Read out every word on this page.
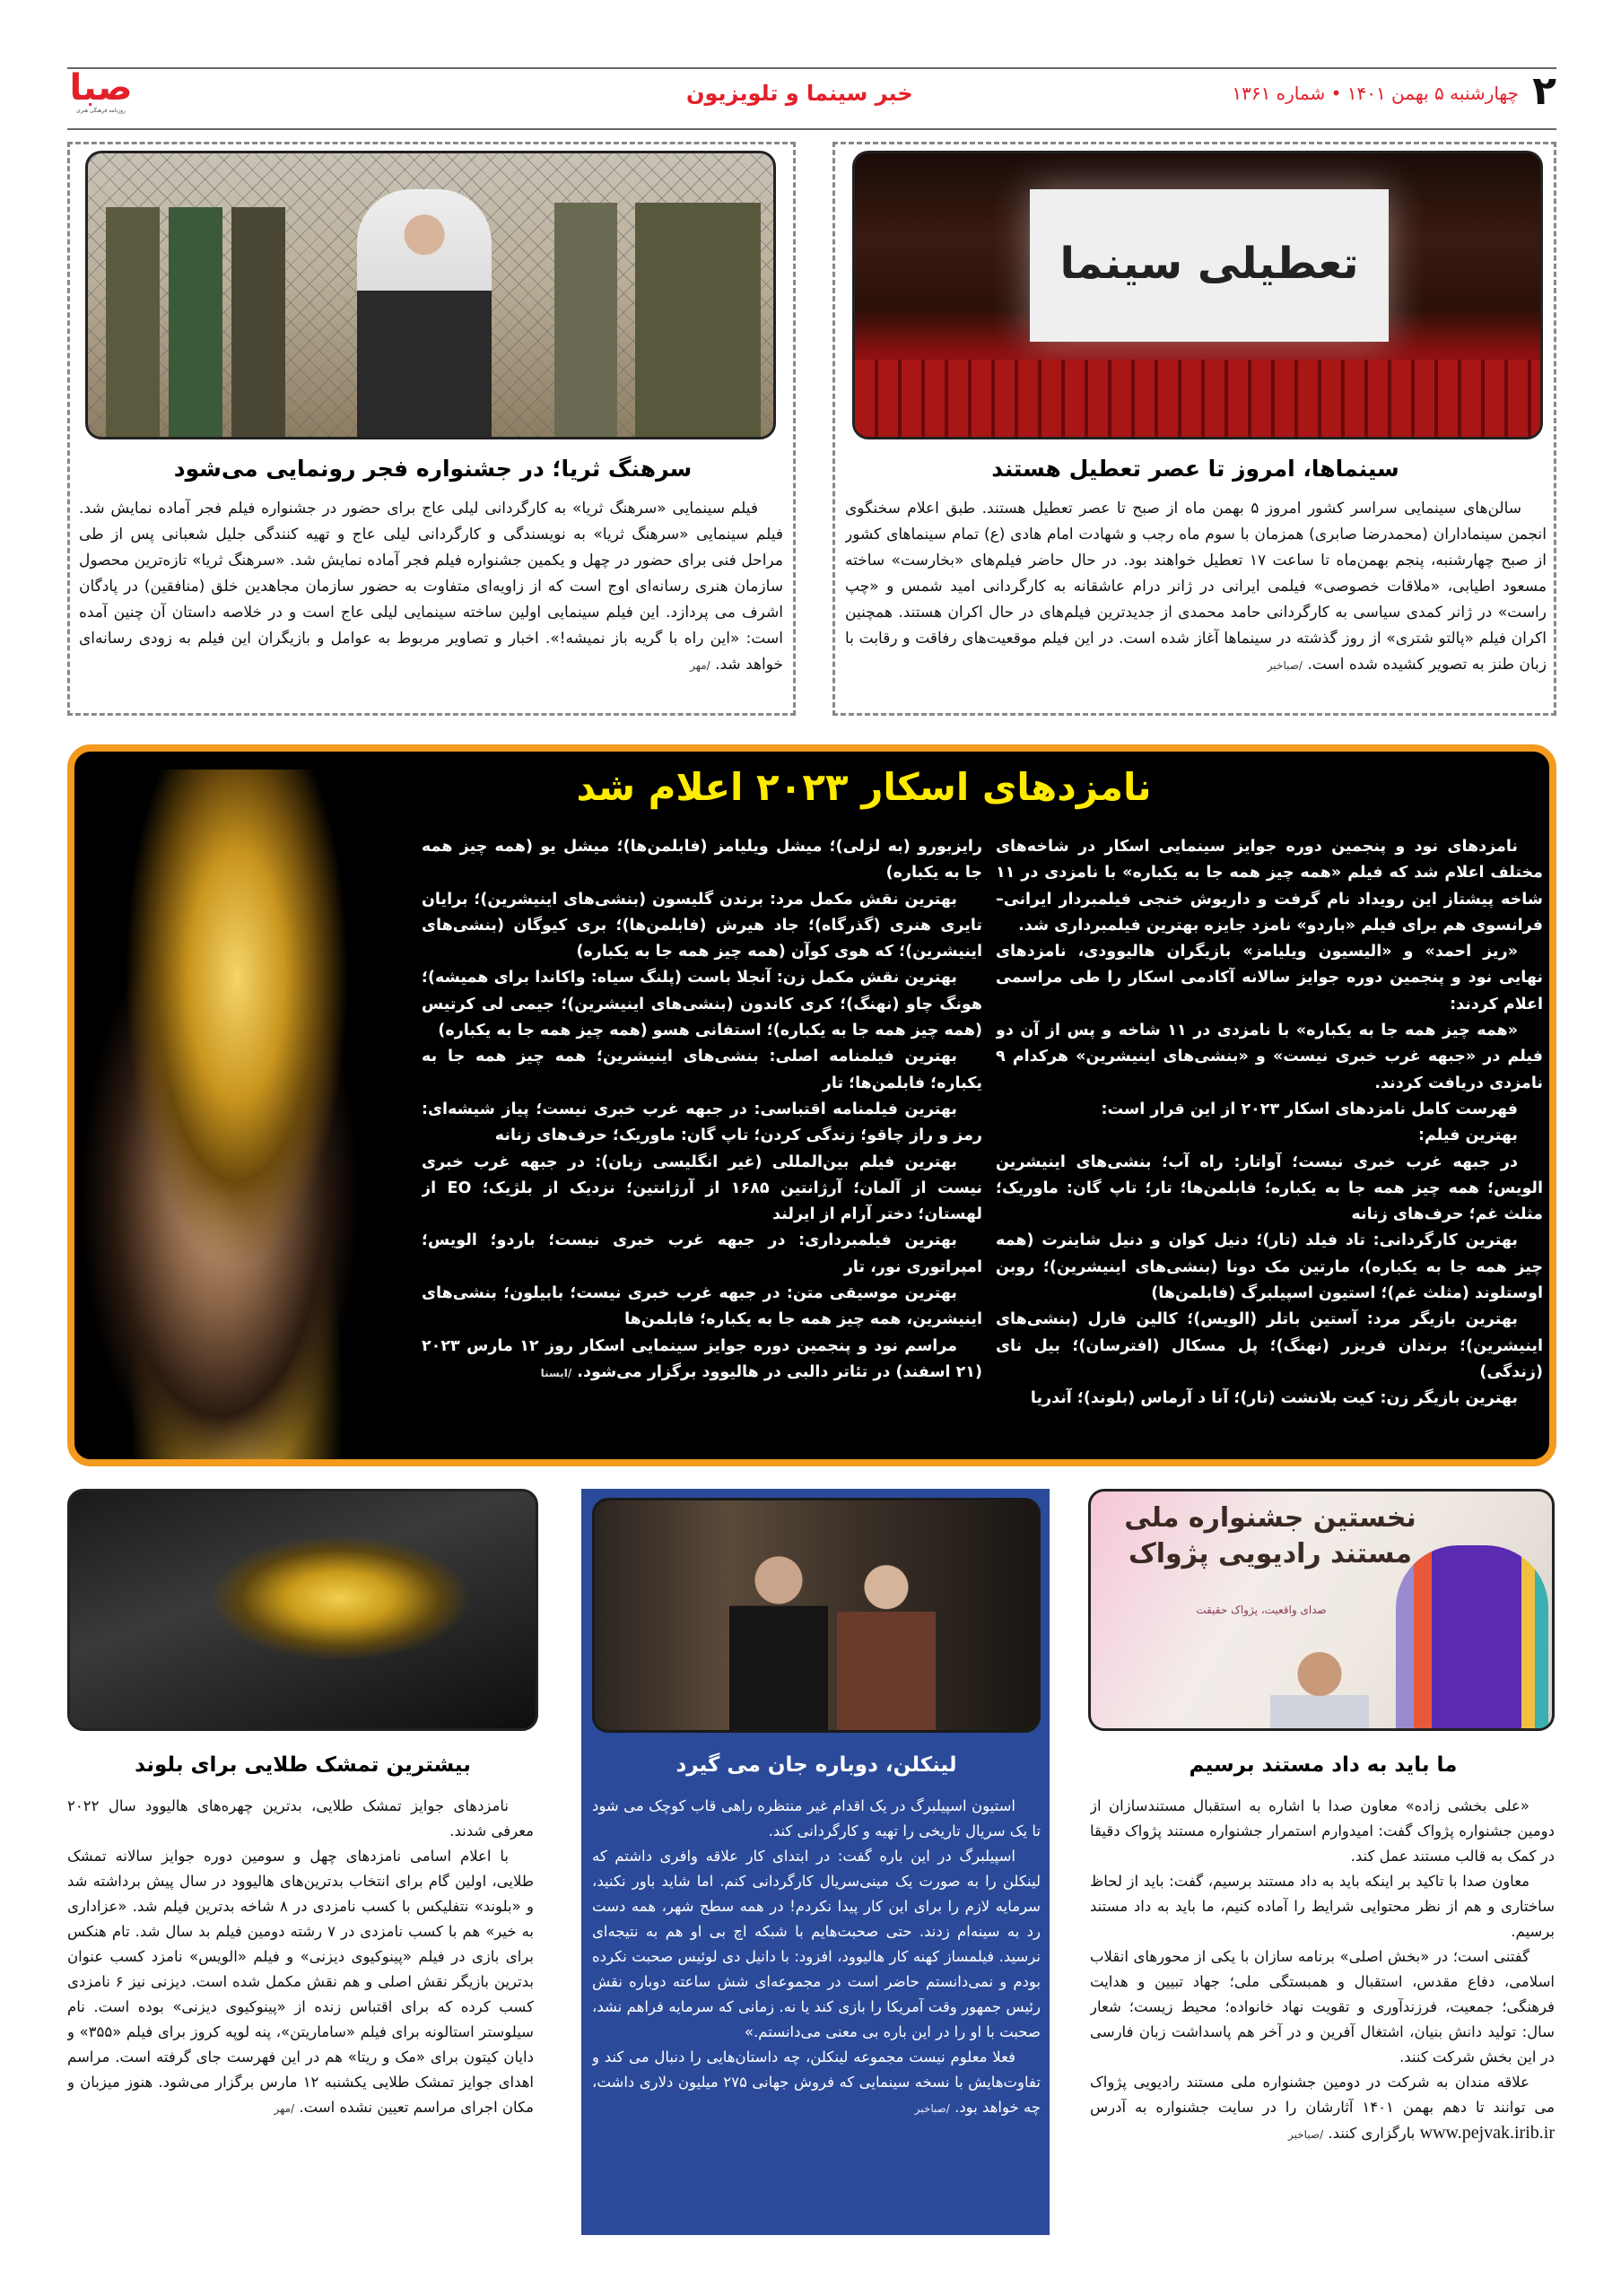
۲
چهارشنبه ۵ بهمن ۱۴۰۱ • شماره ۱۳۶۱
خبر سینما و تلویزیون
صبا
روزنامه فرهنگی هنری
تعطیلی سینما
سینماها، امروز تا عصر تعطیل هستند

سالن‌های سینمایی سراسر کشور امروز ۵ بهمن ماه از صبح تا عصر تعطیل هستند. طبق اعلام سخنگوی انجمن سینماداران (محمدرضا صابری) همزمان با سوم ماه رجب و شهادت امام هادی (ع) تمام سینماهای کشور از صبح چهارشنبه، پنجم بهمن‌ماه تا ساعت ۱۷ تعطیل خواهند بود. در حال حاضر فیلم‌های «بخارست» ساخته مسعود اطیابی، «ملاقات خصوصی» فیلمی ایرانی در ژانر درام عاشقانه به کارگردانی امید شمس و «چپ راست» در ژانر کمدی سیاسی به کارگردانی حامد محمدی از جدیدترین فیلم‌های در حال اکران هستند. همچنین اکران فیلم «پالتو شتری» از روز گذشته در سینماها آغاز شده است. در این فیلم موقعیت‌های رفاقت و رقابت با زبان طنز به تصویر کشیده شده است. /صباخبر

سرهنگ ثریا؛ در جشنواره فجر رونمایی می‌شود

فیلم سینمایی «سرهنگ ثریا» به کارگردانی لیلی عاج برای حضور در جشنواره فیلم فجر آماده نمایش شد. فیلم سینمایی «سرهنگ ثریا» به نویسندگی و کارگردانی لیلی عاج و تهیه کنندگی جلیل شعبانی پس از طی مراحل فنی برای حضور در چهل و یکمین جشنواره فیلم فجر آماده نمایش شد. «سرهنگ ثریا» تازه‌ترین محصول سازمان هنری رسانه‌ای اوج است که از زاویه‌ای متفاوت به حضور سازمان مجاهدین خلق (منافقین) در پادگان اشرف می پردازد. این فیلم سینمایی اولین ساخته سینمایی لیلی عاج است و در خلاصه داستان آن چنین آمده است: «این راه با گریه باز نمیشه!». اخبار و تصاویر مربوط به عوامل و بازیگران این فیلم به زودی رسانه‌ای خواهد شد. /مهر

نامزدهای اسکار ۲۰۲۳ اعلام شد

نامزدهای نود و پنجمین دوره جوایز سینمایی اسکار در شاخه‌های مختلف اعلام شد که فیلم «همه چیز همه جا به یکباره» با نامزدی در ۱۱ شاخه پیشتاز این رویداد نام گرفت و داریوش خنجی فیلمبردار ایرانی–فرانسوی هم برای فیلم «باردو» نامزد جایزه بهترین فیلمبرداری شد.

«ریز احمد» و «الیسیون ویلیامز» بازیگران هالیوودی، نامزدهای نهایی نود و پنجمین دوره جوایز سالانه آکادمی اسکار را طی مراسمی اعلام کردند:

«همه چیز همه جا به یکباره» با نامزدی در ۱۱ شاخه و پس از آن دو فیلم در «جبهه غرب خبری نیست» و «بنشی‌های اینیشرین» هرکدام ۹ نامزدی دریافت کردند.

فهرست کامل نامزدهای اسکار ۲۰۲۳ از این قرار است:

بهترین فیلم:

در جبهه غرب خبری نیست؛ آواتار: راه آب؛ بنشی‌های اینیشرین الویس؛ همه چیز همه جا به یکباره؛ فابلمن‌ها؛ تار؛ تاپ گان: ماوریک؛ مثلث غم؛ حرف‌های زنانه

بهترین کارگردانی: تاد فیلد (تار)؛ دنیل کوان و دنیل شاینرت (همه چیز همه جا به یکباره)، مارتین مک دونا (بنشی‌های اینیشرین)؛ روبن اوستلوند (مثلث غم)؛ استیون اسپیلبرگ (فابلمن‌ها)

بهترین بازیگر مرد: آستین باتلر (الویس)؛ کالین فارل (بنشی‌های اینیشرین)؛ برندان فریزر (نهنگ)؛ پل مسکال (افترسان)؛ بیل نای (زندگی)

بهترین بازیگر زن: کیت بلانشت (تار)؛ آنا د آرماس (بلوند)؛ آندریا

رایزبورو (به لزلی)؛ میشل ویلیامز (فابلمن‌ها)؛ میشل یو (همه چیز همه جا به یکباره)

بهترین نقش مکمل مرد: برندن گلیسون (بنشی‌های اینیشرین)؛ برایان تایری هنری (گذرگاه)؛ جاد هیرش (فابلمن‌ها)؛ بری کیوگان (بنشی‌های اینیشرین)؛ که هوی کوآن (همه چیز همه جا به یکباره)

بهترین نقش مکمل زن: آنجلا باست (پلنگ سیاه: واکاندا برای همیشه)؛ هونگ چاو (نهنگ)؛ کری کاندون (بنشی‌های اینیشرین)؛ جیمی لی کرتیس (همه چیز همه جا به یکباره)؛ استفانی هسو (همه چیز همه جا به یکباره)

بهترین فیلمنامه اصلی: بنشی‌های اینیشرین؛ همه چیز همه جا به یکباره؛ فابلمن‌ها؛ تار

بهترین فیلمنامه اقتباسی: در جبهه غرب خبری نیست؛ پیاز شیشه‌ای: رمز و راز چاقو؛ زندگی کردن؛ تاپ گان: ماوریک؛ حرف‌های زنانه

بهترین فیلم بین‌المللی (غیر انگلیسی زبان): در جبهه غرب خبری نیست از آلمان؛ آرژانتین ۱۶۸۵ از آرژانتین؛ نزدیک از بلژیک؛ EO از لهستان؛ دختر آرام از ایرلند

بهترین فیلمبرداری: در جبهه غرب خبری نیست؛ باردو؛ الویس؛ امپراتوری نور، تار

بهترین موسیقی متن: در جبهه غرب خبری نیست؛ بابیلون؛ بنشی‌های اینیشرین، همه چیز همه جا به یکباره؛ فابلمن‌ها

مراسم نود و پنجمین دوره جوایز سینمایی اسکار روز ۱۲ مارس ۲۰۲۳ (۲۱ اسفند) در تئاتر دالبی در هالیوود برگزار می‌شود. /ایسنا

نخستین جشنواره ملی مستند رادیویی پژواک
صدای واقعیت، پژواک حقیقت
ما باید به داد مستند برسیم

«علی بخشی زاده» معاون صدا با اشاره به استقبال مستندسازان از دومین جشنواره پژواک گفت: امیدوارم استمرار جشنواره مستند پژواک دقیقا در کمک به قالب مستند عمل کند.

معاون صدا با تاکید بر اینکه باید به داد مستند برسیم، گفت: باید از لحاظ ساختاری و هم از نظر محتوایی شرایط را آماده کنیم، ما باید به داد مستند برسیم.

گفتنی است؛ در «بخش اصلی» برنامه سازان با یکی از محورهای انقلاب اسلامی، دفاع مقدس، استقبال و همبستگی ملی؛ جهاد تبیین و هدایت فرهنگی؛ جمعیت، فرزندآوری و تقویت نهاد خانواده؛ محیط زیست؛ شعار سال: تولید دانش بنیان، اشتغال آفرین و در آخر هم پاسداشت زبان فارسی در این بخش شرکت کنند.

علاقه مندان به شرکت در دومین جشنواره ملی مستند رادیویی پژواک می توانند تا دهم بهمن ۱۴۰۱ آثارشان را در سایت جشنواره به آدرس www.pejvak.irib.ir بارگزاری کنند. /صباخبر

لینکلن، دوباره جان می گیرد

استیون اسپیلبرگ در یک اقدام غیر منتظره راهی قاب کوچک می شود تا یک سریال تاریخی را تهیه و کارگردانی کند.

اسپیلبرگ در این باره گفت: در ابتدای کار علاقه وافری داشتم که لینکلن را به صورت یک مینی‌سریال کارگردانی کنم. اما شاید باور نکنید، سرمایه لازم را برای این کار پیدا نکردم! در همه سطح شهر، همه دست رد به سینه‌ام زدند. حتی صحبت‌هایم با شبکه اچ بی او هم به نتیجه‌ای نرسید. فیلمساز کهنه کار هالیوود، افزود: با دانیل دی لوئیس صحبت نکرده بودم و نمی‌دانستم حاضر است در مجموعه‌ای شش ساعته دوباره نقش رئیس جمهور وقت آمریکا را بازی کند یا نه. زمانی که سرمایه فراهم نشد، صحبت با او را در این باره بی معنی می‌دانستم.»

فعلا معلوم نیست مجموعه لینکلن، چه داستان‌هایی را دنبال می کند و تفاوت‌هایش با نسخه سینمایی که فروش جهانی ۲۷۵ میلیون دلاری داشت، چه خواهد بود. /صباخبر

بیشترین تمشک طلایی برای بلوند

نامزدهای جوایز تمشک طلایی، بدترین چهره‌های هالیوود سال ۲۰۲۲ معرفی شدند.

با اعلام اسامی نامزدهای چهل و سومین دوره جوایز سالانه تمشک طلایی، اولین گام برای انتخاب بدترین‌های هالیوود در سال پیش برداشته شد و «بلوند» نتفلیکس با کسب نامزدی در ۸ شاخه بدترین فیلم شد. «عزاداری به خیر» هم با کسب نامزدی در ۷ رشته دومین فیلم بد سال شد. تام هنکس برای بازی در فیلم «پینوکیوی دیزنی» و فیلم «الویس» نامزد کسب عنوان بدترین بازیگر نقش اصلی و هم نقش مکمل شده است. دیزنی نیز ۶ نامزدی کسب کرده که برای اقتباس زنده از «پینوکیوی دیزنی» بوده است. نام سیلوستر استالونه برای فیلم «ساماریتن»، پنه لوپه کروز برای فیلم «۳۵۵» و دایان کیتون برای «مک و ریتا» هم در این فهرست جای گرفته است. مراسم اهدای جوایز تمشک طلایی یکشنبه ۱۲ مارس برگزار می‌شود. هنوز میزبان و مکان اجرای مراسم تعیین نشده است. /مهر
